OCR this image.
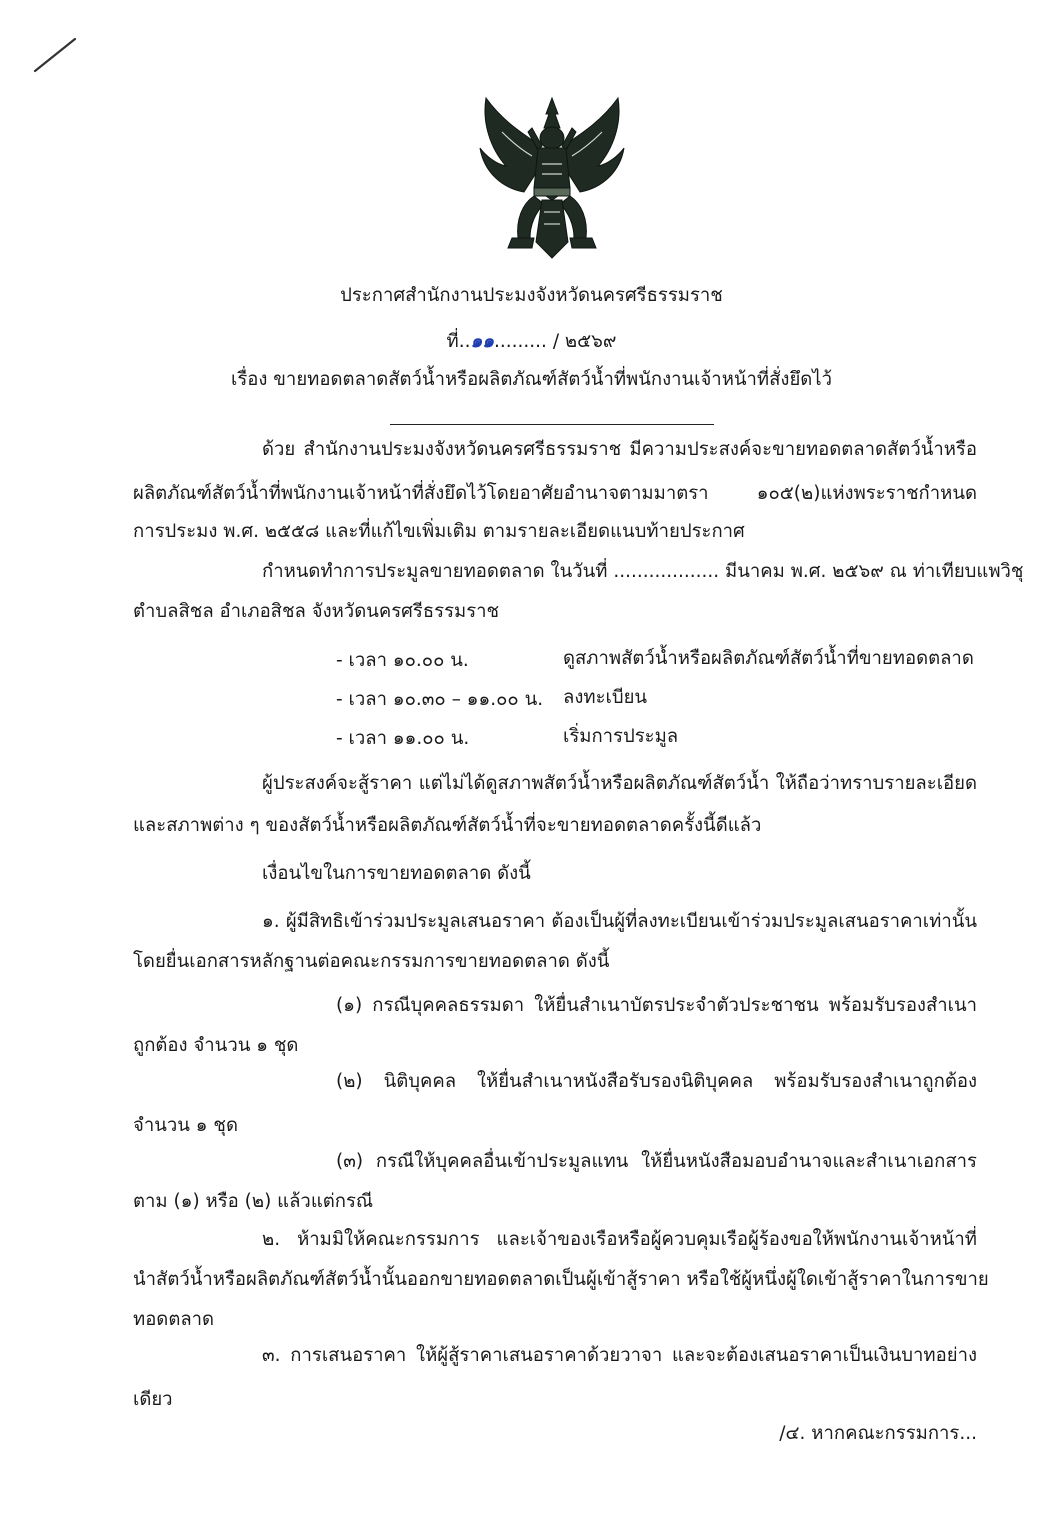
ประกาศสำนักงานประมงจังหวัดนครศรีธรรมราช
ที่..๑๑......... / ๒๕๖๙
เรื่อง ขายทอดตลาดสัตว์น้ำหรือผลิตภัณฑ์สัตว์น้ำที่พนักงานเจ้าหน้าที่สั่งยึดไว้
ด้วย สำนักงานประมงจังหวัดนครศรีธรรมราช มีความประสงค์จะขายทอดตลาดสัตว์น้ำหรือ
ผลิตภัณฑ์สัตว์น้ำที่พนักงานเจ้าหน้าที่สั่งยึดไว้โดยอาศัยอำนาจตามมาตรา ๑๐๕(๒)แห่งพระราชกำหนด
การประมง พ.ศ. ๒๕๕๘ และที่แก้ไขเพิ่มเติม ตามรายละเอียดแนบท้ายประกาศ
กำหนดทำการประมูลขายทอดตลาด ในวันที่ .................. มีนาคม พ.ศ. ๒๕๖๙ ณ ท่าเทียบแพวิชุ
ตำบลสิชล อำเภอสิชล จังหวัดนครศรีธรรมราช
- เวลา ๑๐.๐๐ น.	ดูสภาพสัตว์น้ำหรือผลิตภัณฑ์สัตว์น้ำที่ขายทอดตลาด
- เวลา ๑๐.๓๐ – ๑๑.๐๐ น. ลงทะเบียน
- เวลา ๑๑.๐๐ น.	เริ่มการประมูล
ผู้ประสงค์จะสู้ราคา แต่ไม่ได้ดูสภาพสัตว์น้ำหรือผลิตภัณฑ์สัตว์น้ำ ให้ถือว่าทราบรายละเอียด
และสภาพต่าง ๆ ของสัตว์น้ำหรือผลิตภัณฑ์สัตว์น้ำที่จะขายทอดตลาดครั้งนี้ดีแล้ว
เงื่อนไขในการขายทอดตลาด ดังนี้
๑. ผู้มีสิทธิเข้าร่วมประมูลเสนอราคา ต้องเป็นผู้ที่ลงทะเบียนเข้าร่วมประมูลเสนอราคาเท่านั้น
โดยยื่นเอกสารหลักฐานต่อคณะกรรมการขายทอดตลาด ดังนี้
(๑) กรณีบุคคลธรรมดา ให้ยื่นสำเนาบัตรประจำตัวประชาชน พร้อมรับรองสำเนา
ถูกต้อง จำนวน ๑ ชุด
(๒) นิติบุคคล ให้ยื่นสำเนาหนังสือรับรองนิติบุคคล พร้อมรับรองสำเนาถูกต้อง
จำนวน ๑ ชุด
(๓) กรณีให้บุคคลอื่นเข้าประมูลแทน ให้ยื่นหนังสือมอบอำนาจและสำเนาเอกสาร
ตาม (๑) หรือ (๒) แล้วแต่กรณี
๒. ห้ามมิให้คณะกรรมการ และเจ้าของเรือหรือผู้ควบคุมเรือผู้ร้องขอให้พนักงานเจ้าหน้าที่
นำสัตว์น้ำหรือผลิตภัณฑ์สัตว์น้ำนั้นออกขายทอดตลาดเป็นผู้เข้าสู้ราคา หรือใช้ผู้หนึ่งผู้ใดเข้าสู้ราคาในการขาย
ทอดตลาด
๓. การเสนอราคา ให้ผู้สู้ราคาเสนอราคาด้วยวาจา และจะต้องเสนอราคาเป็นเงินบาทอย่าง
เดียว
/๔. หากคณะกรรมการ...
